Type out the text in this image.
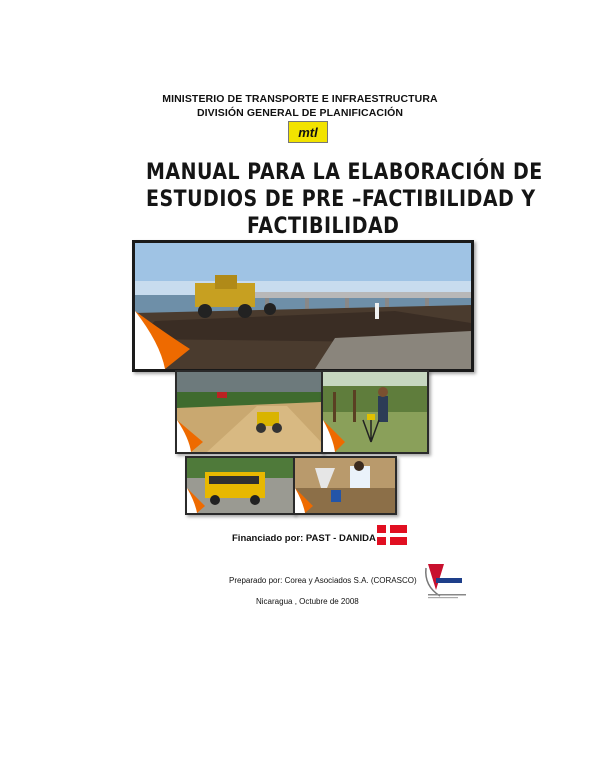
MINISTERIO DE TRANSPORTE E INFRAESTRUCTURA
DIVISIÓN GENERAL DE PLANIFICACIÓN
mtl
MANUAL PARA LA ELABORACIÓN DE
ESTUDIOS DE PRE –FACTIBILIDAD Y
FACTIBILIDAD
Financiado por: PAST - DANIDA
Preparado por: Corea y Asociados S.A. (CORASCO)
Nicaragua , Octubre de 2008
